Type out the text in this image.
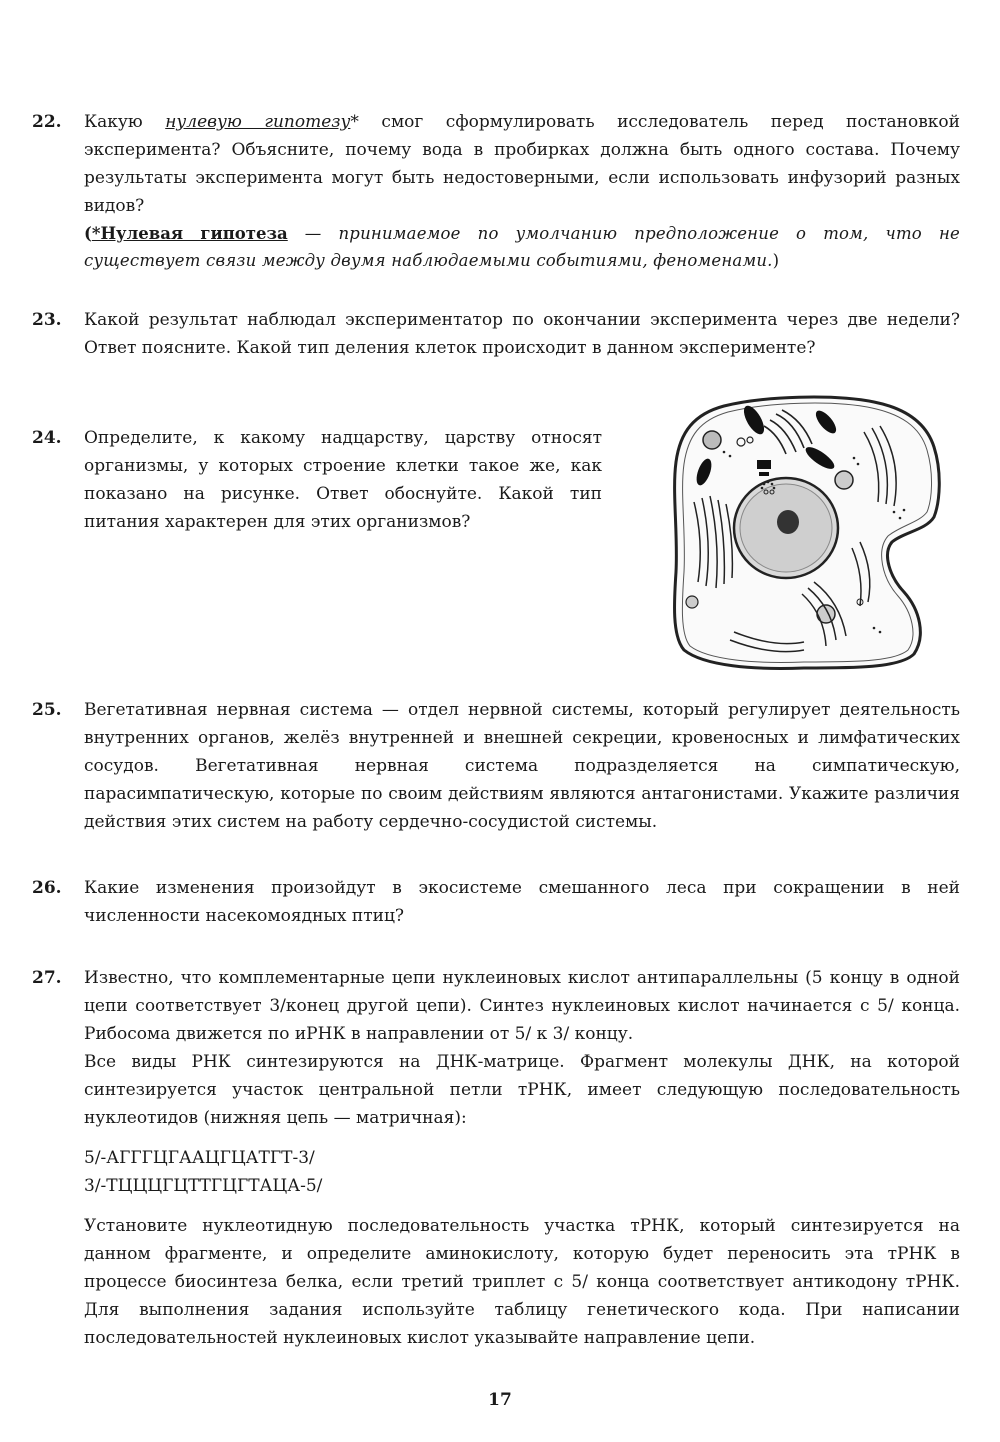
22. Какую нулевую гипотезу* смог сформулировать исследователь перед постановкой эксперимента? Объясните, почему вода в пробирках должна быть одного состава. Почему результаты эксперимента могут быть недостоверными, если использовать инфузорий разных видов?

(*Нулевая гипотеза — принимаемое по умолчанию предположение о том, что не существует связи между двумя наблюдаемыми событиями, феноменами.)

23. Какой результат наблюдал экспериментатор по окончании эксперимента через две недели? Ответ поясните. Какой тип деления клеток происходит в данном эксперименте?
24. Определите, к какому надцарству, царству относят организмы, у которых строение клетки такое же, как показано на рисунке. Ответ обоснуйте. Какой тип питания характерен для этих организмов?
25. Вегетативная нервная система — отдел нервной системы, который регулирует деятельность внутренних органов, желёз внутренней и внешней секреции, кровеносных и лимфатических сосудов. Вегетативная нервная система подразделяется на симпатическую, парасимпатическую, которые по своим действиям являются антагонистами. Укажите различия действия этих систем на работу сердечно-сосудистой системы.
26. Какие изменения произойдут в экосистеме смешанного леса при сокращении в ней численности насекомоядных птиц?
27. Известно, что комплементарные цепи нуклеиновых кислот антипараллельны (5 концу в одной цепи соответствует 3/конец другой цепи). Синтез нуклеиновых кислот начинается с 5/ конца. Рибосома движется по иРНК в направлении от 5/ к 3/ концу.

Все виды РНК синтезируются на ДНК-матрице. Фрагмент молекулы ДНК, на которой синтезируется участок центральной петли тРНК, имеет следующую последовательность нуклеотидов (нижняя цепь — матричная):

5/-АГГГЦГААЦГЦАТГТ-3/
3/-ТЦЦЦГЦТТГЦГТАЦА-5/

Установите нуклеотидную последовательность участка тРНК, который синтезируется на данном фрагменте, и определите аминокислоту, которую будет переносить эта тРНК в процессе биосинтеза белка, если третий триплет с 5/ конца соответствует антикодону тРНК. Для выполнения задания используйте таблицу генетического кода. При написании последовательностей нуклеиновых кислот указывайте направление цепи.

17
